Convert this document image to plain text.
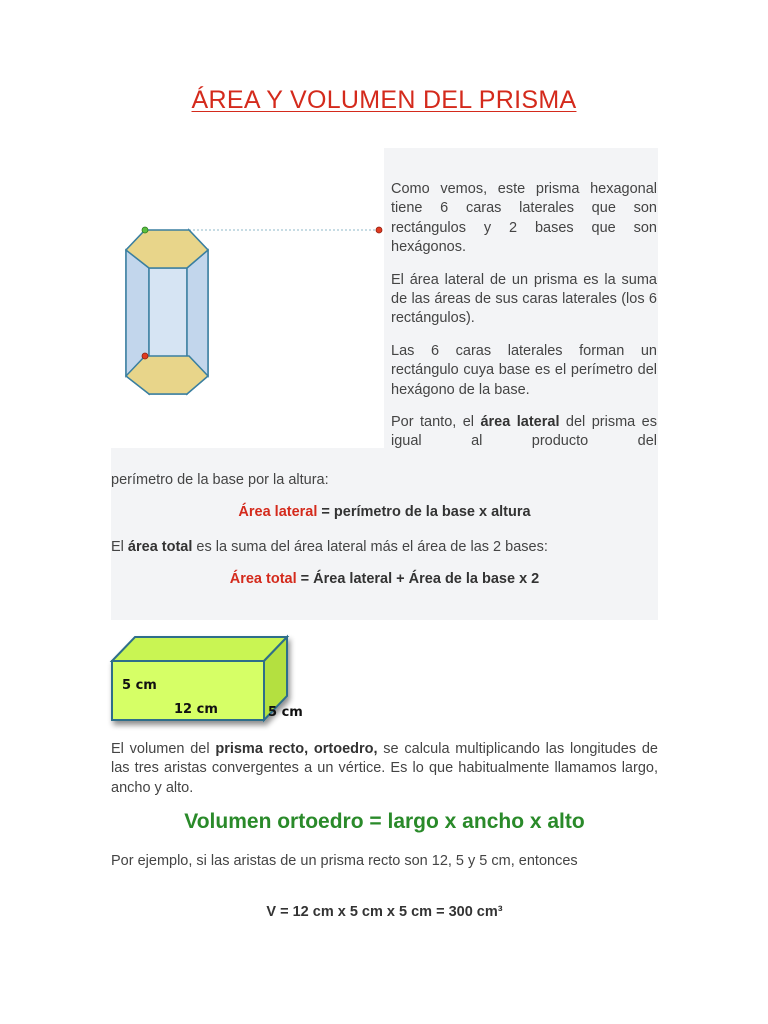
ÁREA Y VOLUMEN DEL PRISMA

Como vemos, este prisma hexagonal tiene 6 caras laterales que son rectángulos y 2 bases que son hexágonos.

El área lateral de un prisma es la suma de las áreas de sus caras laterales (los 6 rectángulos).

Las 6 caras laterales forman un rectángulo cuya base es el perímetro del hexágono de la base.

Por tanto, el área lateral del prisma es igual al producto del

perímetro de la base por la altura:
Área lateral = perímetro de la base x altura
El área total es la suma del área lateral más el área de las 2 bases:
Área total = Área lateral + Área de la base x 2
5 cm
12 cm	5 cm
El volumen del prisma recto, ortoedro, se calcula multiplicando las longitudes de las tres aristas convergentes a un vértice. Es lo que habitualmente llamamos largo, ancho y alto.
Volumen ortoedro = largo x ancho x alto
Por ejemplo, si las aristas de un prisma recto son 12, 5 y 5 cm, entonces
V = 12 cm x 5 cm x 5 cm = 300 cm³
